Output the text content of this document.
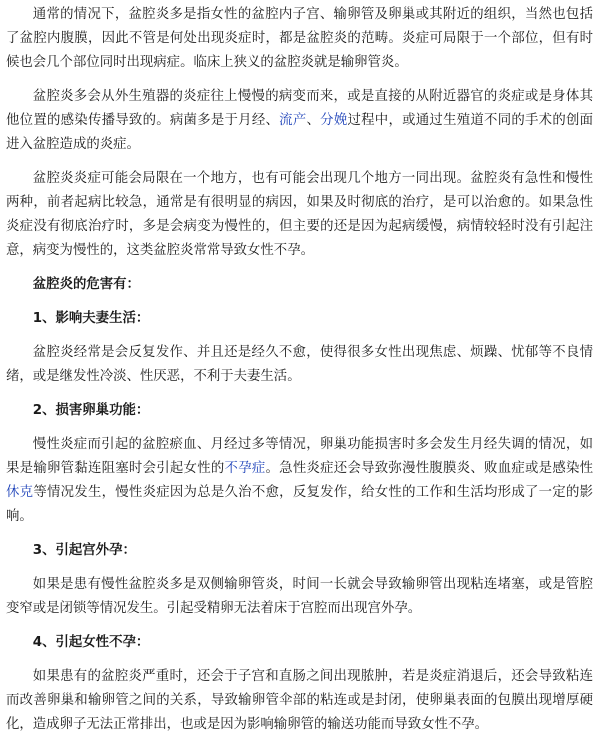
通常的情况下，盆腔炎多是指女性的盆腔内子宫、输卵管及卵巢或其附近的组织，当然也包括了盆腔内腹膜，因此不管是何处出现炎症时，都是盆腔炎的范畴。炎症可局限于一个部位，但有时候也会几个部位同时出现病症。临床上狭义的盆腔炎就是输卵管炎。

盆腔炎多会从外生殖器的炎症往上慢慢的病变而来，或是直接的从附近器官的炎症或是身体其他位置的感染传播导致的。病菌多是于月经、流产、分娩过程中，或通过生殖道不同的手术的创面进入盆腔造成的炎症。

盆腔炎炎症可能会局限在一个地方，也有可能会出现几个地方一同出现。盆腔炎有急性和慢性两种，前者起病比较急，通常是有很明显的病因，如果及时彻底的治疗，是可以治愈的。如果急性炎症没有彻底治疗时，多是会病变为慢性的，但主要的还是因为起病缓慢，病情较轻时没有引起注意，病变为慢性的，这类盆腔炎常常导致女性不孕。

盆腔炎的危害有：

1、影响夫妻生活：

盆腔炎经常是会反复发作、并且还是经久不愈，使得很多女性出现焦虑、烦躁、忧郁等不良情绪，或是继发性冷淡、性厌恶，不利于夫妻生活。

2、损害卵巢功能：

慢性炎症而引起的盆腔瘀血、月经过多等情况，卵巢功能损害时多会发生月经失调的情况，如果是输卵管黏连阻塞时会引起女性的不孕症。急性炎症还会导致弥漫性腹膜炎、败血症或是感染性休克等情况发生，慢性炎症因为总是久治不愈，反复发作，给女性的工作和生活均形成了一定的影响。

3、引起宫外孕：

如果是患有慢性盆腔炎多是双侧输卵管炎，时间一长就会导致输卵管出现粘连堵塞，或是管腔变窄或是闭锁等情况发生。引起受精卵无法着床于宫腔而出现宫外孕。

4、引起女性不孕：

如果患有的盆腔炎严重时，还会于子宫和直肠之间出现脓肿，若是炎症消退后，还会导致粘连而改善卵巢和输卵管之间的关系，导致输卵管伞部的粘连或是封闭，使卵巢表面的包膜出现增厚硬化，造成卵子无法正常排出，也或是因为影响输卵管的输送功能而导致女性不孕。
